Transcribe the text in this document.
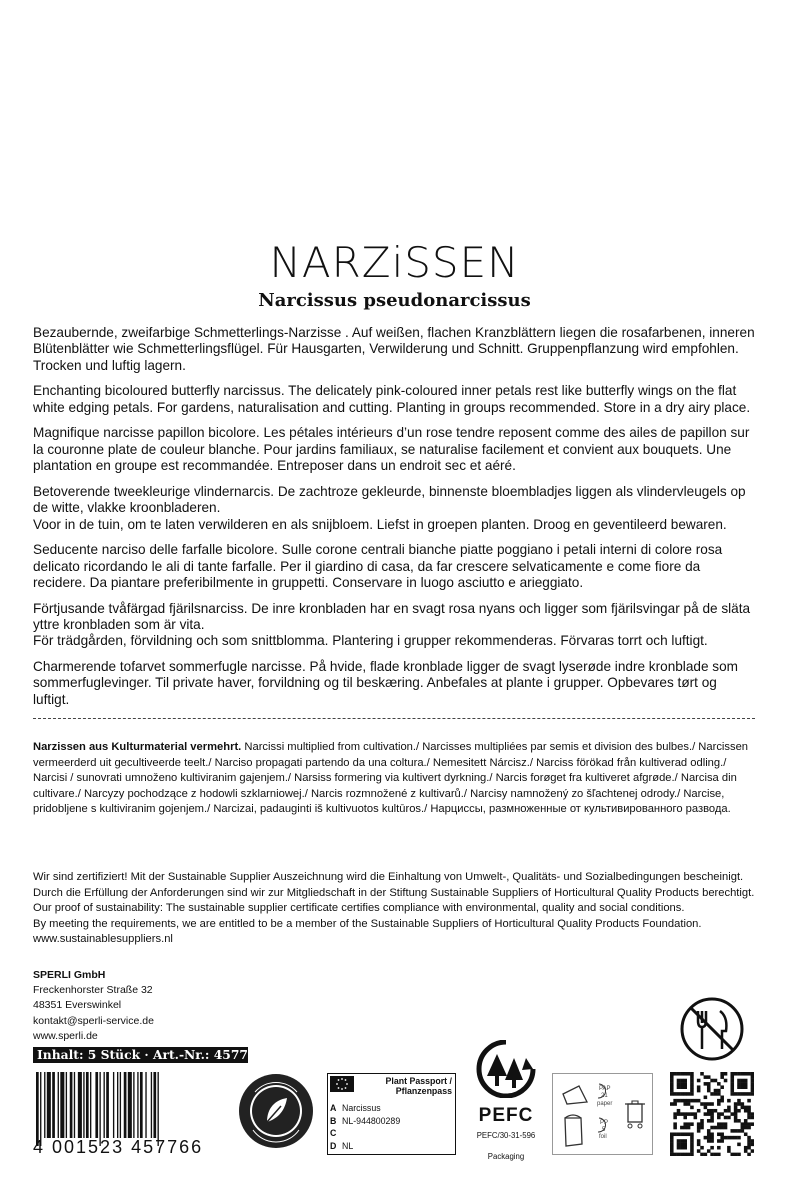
NARZiSSEN
Narcissus pseudonarcissus

Bezaubernde, zweifarbige Schmetterlings-Narzisse . Auf weißen, flachen Kranzblättern liegen die rosafarbenen, inneren Blütenblätter wie Schmetterlingsflügel. Für Hausgarten, Verwilderung und Schnitt. Gruppenpflanzung wird empfohlen. Trocken und luftig lagern.

Enchanting bicoloured butterfly narcissus. The delicately pink-coloured inner petals rest like butterfly wings on the flat white edging petals. For gardens, naturalisation and cutting. Planting in groups recommended. Store in a dry airy place.

Magnifique narcisse papillon bicolore. Les pétales intérieurs d’un rose tendre reposent comme des ailes de papillon sur la couronne plate de couleur blanche. Pour jardins familiaux, se naturalise facilement et convient aux bouquets. Une plantation en groupe est recommandée. Entreposer dans un endroit sec et aéré.

Betoverende tweekleurige vlindernarcis. De zachtroze gekleurde, binnenste bloembladjes liggen als vlindervleugels op de witte, vlakke kroonbladeren.

Voor in de tuin, om te laten verwilderen en als snijbloem. Liefst in groepen planten. Droog en geventileerd bewaren.

Seducente narciso delle farfalle bicolore. Sulle corone centrali bianche piatte poggiano i petali interni di colore rosa delicato ricordando le ali di tante farfalle. Per il giardino di casa, da far crescere selvaticamente e come fiore da recidere. Da piantare preferibilmente in gruppetti. Conservare in luogo asciutto e arieggiato.

Förtjusande tvåfärgad fjärilsnarciss. De inre kronbladen har en svagt rosa nyans och ligger som fjärilsvingar på de släta yttre kronbladen som är vita.

För trädgården, förvildning och som snittblomma. Plantering i grupper rekommenderas. Förvaras torrt och luftigt.

Charmerende tofarvet sommerfugle narcisse. På hvide, flade kronblade ligger de svagt lyserøde indre kronblade som sommerfuglevinger. Til private haver, forvildning og til beskæring. Anbefales at plante i grupper. Opbevares tørt og luftigt.

Narzissen aus Kulturmaterial vermehrt. Narcissi multiplied from cultivation./ Narcisses multipliées par semis et division des bulbes./ Narcissen vermeerderd uit gecultiveerde teelt./ Narciso propagati partendo da una coltura./ Nemesitett Nárcisz./ Narciss förökad från kultiverad odling./ Narcisi / sunovrati umnoženo kultiviranim gajenjem./ Narsiss formering via kultivert dyrkning./ Narcis forøget fra kultiveret afgrøde./ Narcisa din cultivare./ Narcyzy pochodzące z hodowli szklarniowej./ Narcis rozmnožené z kultivarů./ Narcisy namnožený zo šľachtenej odrody./ Narcise, pridobljene s kultiviranim gojenjem./ Narcizai, padauginti iš kultivuotos kultūros./ Нарциссы, размноженные от культивированного развода.
Wir sind zertifiziert! Mit der Sustainable Supplier Auszeichnung wird die Einhaltung von Umwelt-, Qualitäts- und Sozialbedingungen bescheinigt.
Durch die Erfüllung der Anforderungen sind wir zur Mitgliedschaft in der Stiftung Sustainable Suppliers of Horticultural Quality Products berechtigt.
Our proof of sustainability: The sustainable supplier certificate certifies compliance with environmental, quality and social conditions.
By meeting the requirements, we are entitled to be a member of the Sustainable Suppliers of Horticultural Quality Products Foundation.
www.sustainablesuppliers.nl
SPERLI GmbH
Freckenhorster Straße 32
48351 Everswinkel
kontakt@sperli-service.de
www.sperli.de
Inhalt: 5 Stück · Art.-Nr.: 457766
4 001523 457766
Plant Passport /
Pflanzenpass
A Narcissus
B NL-944800289
C
D NL
PEFC
PEFC/30-31-596
Packaging
PAP
21
paper
PP
5
foil
